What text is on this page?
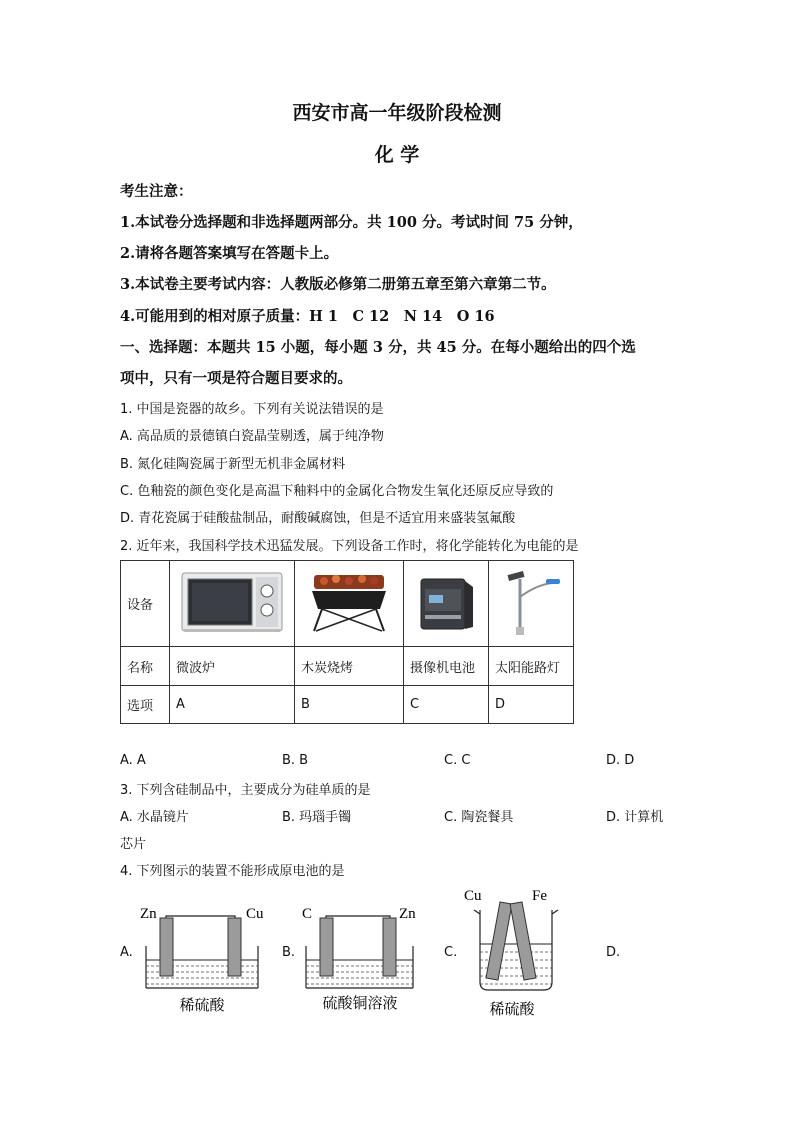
西安市高一年级阶段检测
化 学
考生注意：
1.本试卷分选择题和非选择题两部分。共 100 分。考试时间 75 分钟，
2.请将各题答案填写在答题卡上。
3.本试卷主要考试内容：人教版必修第二册第五章至第六章第二节。
4.可能用到的相对原子质量：H 1　C 12　N 14　O 16
一、选择题：本题共 15 小题，每小题 3 分，共 45 分。在每小题给出的四个选
项中，只有一项是符合题目要求的。
1. 中国是瓷器的故乡。下列有关说法错误的是
A. 高品质的景德镇白瓷晶莹剔透，属于纯净物
B. 氮化硅陶瓷属于新型无机非金属材料
C. 色釉瓷的颜色变化是高温下釉料中的金属化合物发生氧化还原反应导致的
D. 青花瓷属于硅酸盐制品，耐酸碱腐蚀，但是不适宜用来盛装氢氟酸
2. 近年来，我国科学技术迅猛发展。下列设备工作时，将化学能转化为电能的是
设备				
名称	微波炉	木炭烧烤	摄像机电池	太阳能路灯
选项	A	B	C	D
A. A	B. B	C. C	D. D
3. 下列含硅制品中，主要成分为硅单质的是
A. 水晶镜片	B. 玛瑙手镯	C. 陶瓷餐具	D. 计算机
芯片
4. 下列图示的装置不能形成原电池的是
A.	B.	C.	D.
Zn	Cu
稀硫酸
C	Zn
硫酸铜溶液
Cu	Fe
稀硫酸
